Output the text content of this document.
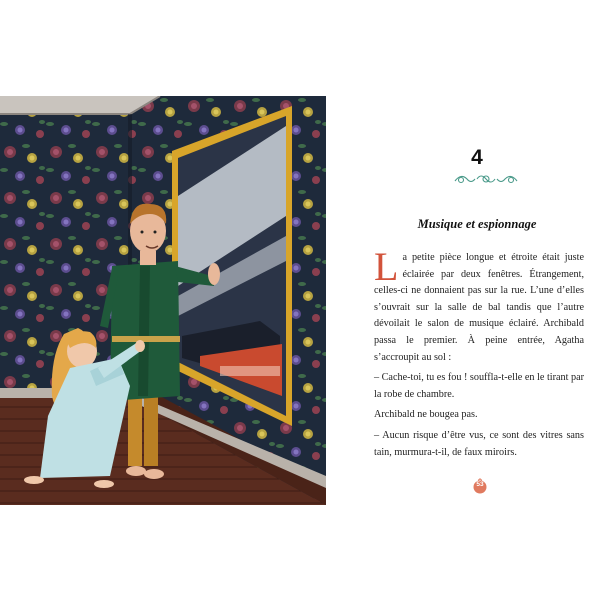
4
Musique et espionnage

La petite pièce longue et étroite était juste éclairée par deux fenêtres. Étrangement, celles-ci ne donnaient pas sur la rue. L’une d’elles s’ouvrait sur la salle de bal tandis que l’autre dévoilait le salon de musique éclairé. Archibald passa le premier. À peine entrée, Agatha s’accroupit au sol :

– Cache-toi, tu es fou ! souffla-t-elle en le tirant par la robe de chambre.

Archibald ne bougea pas.

– Aucun risque d’être vus, ce sont des vitres sans tain, murmura-t-il, de faux miroirs.

53
